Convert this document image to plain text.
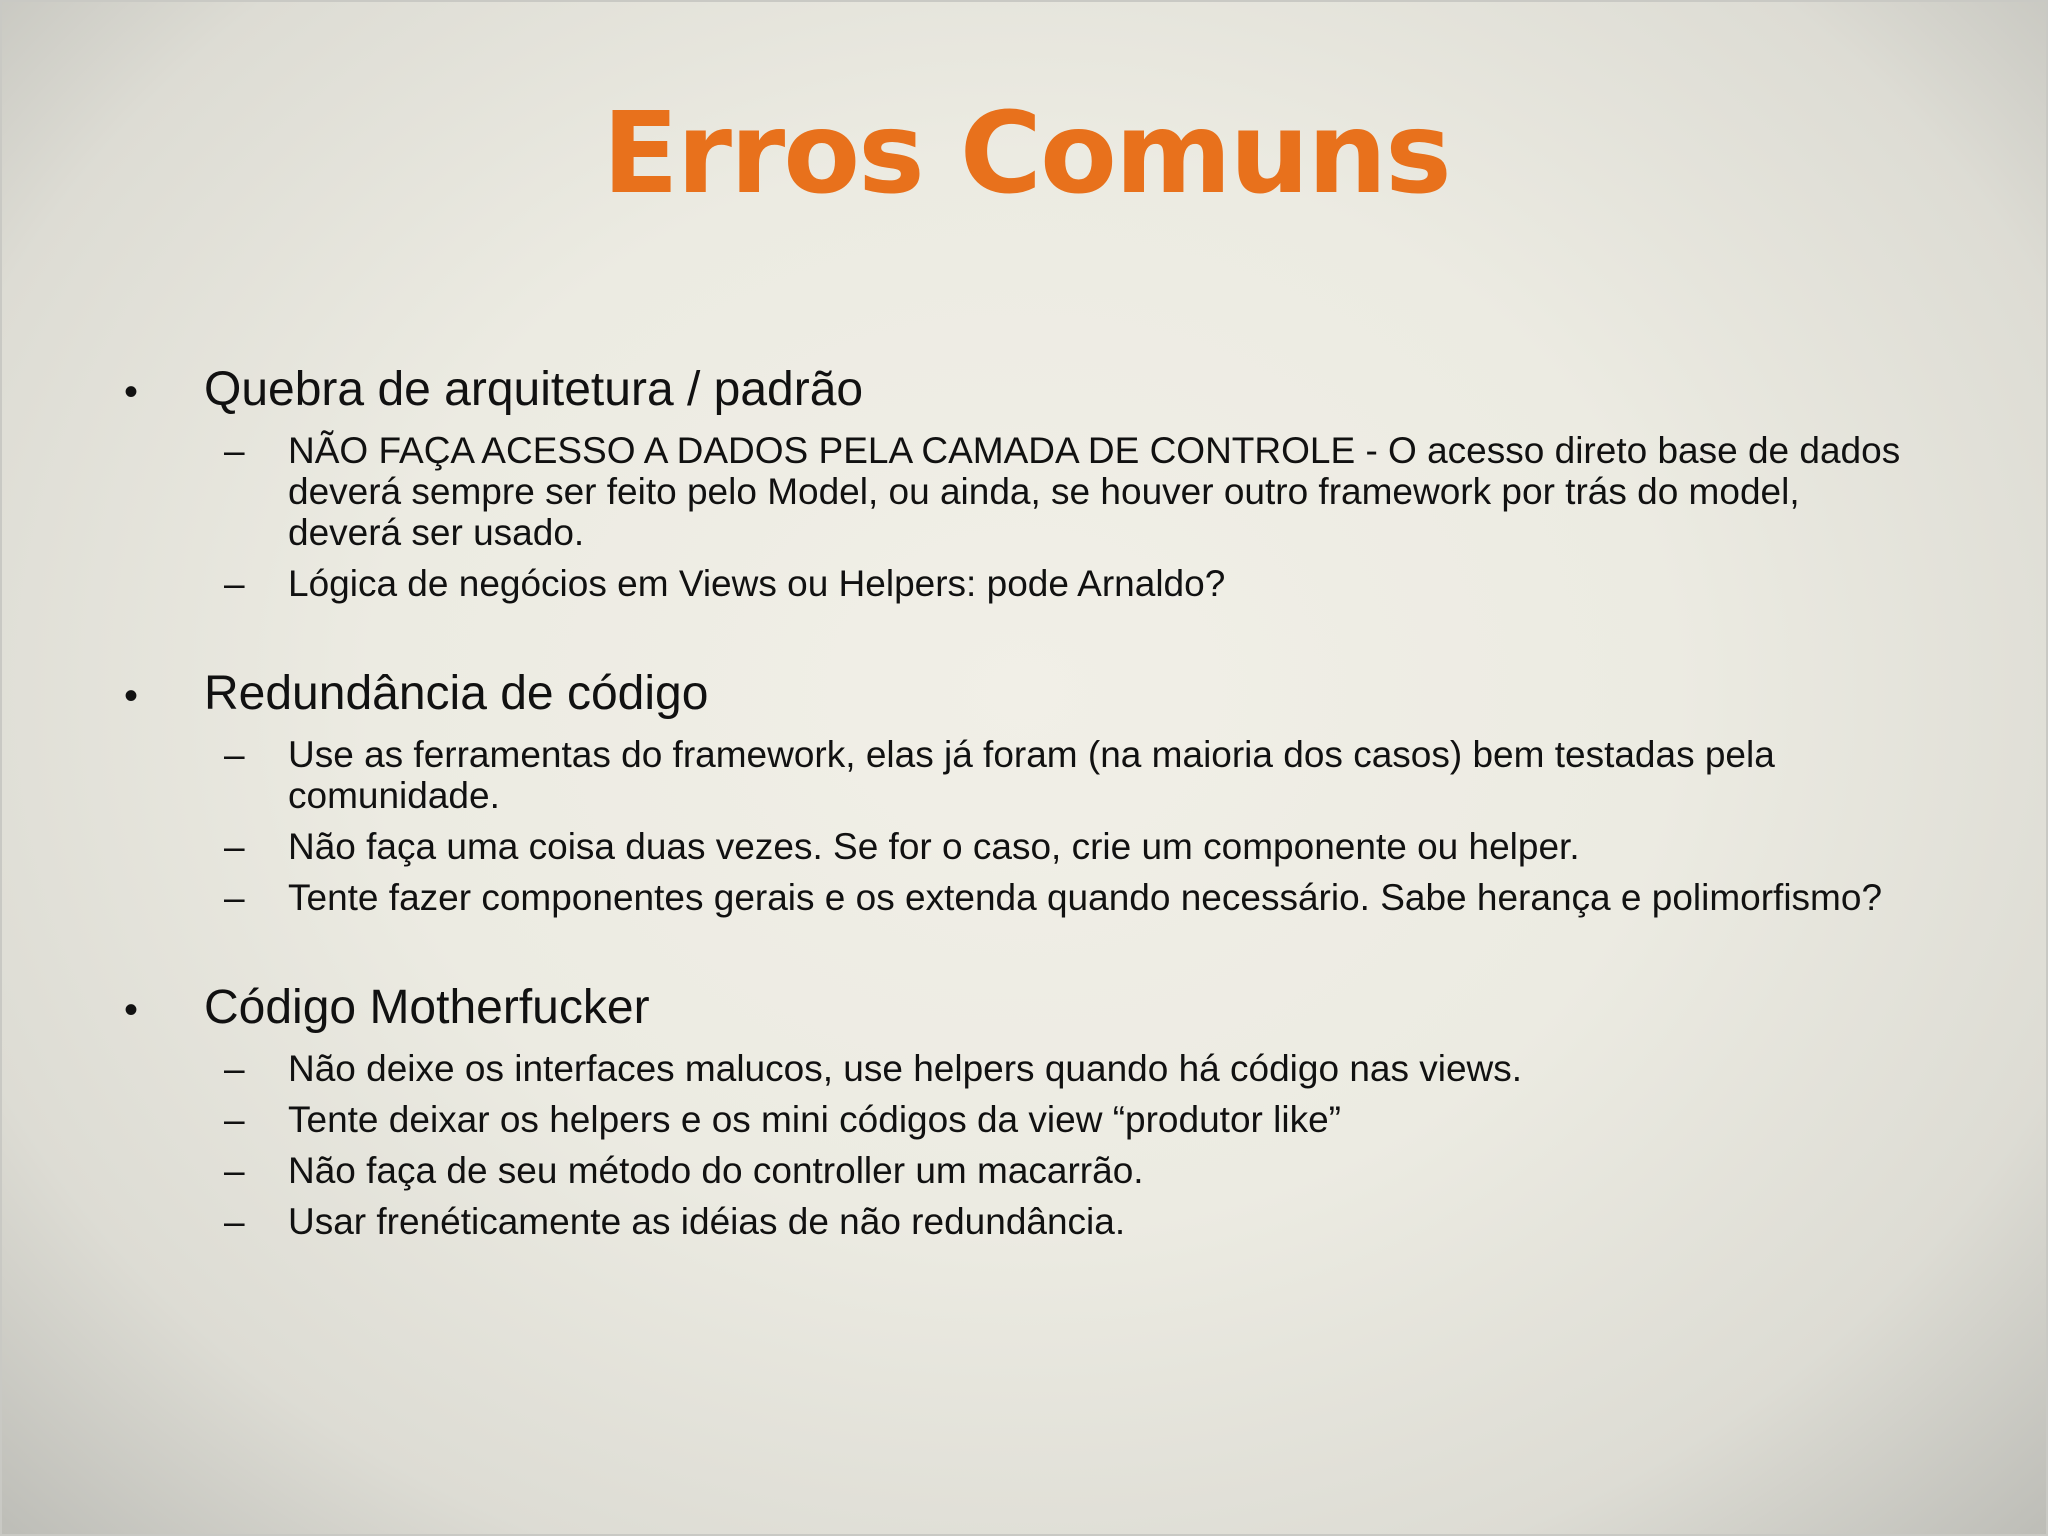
Erros Comuns
•	Quebra de arquitetura / padrão
–	NÃO FAÇA ACESSO A DADOS PELA CAMADA DE CONTROLE - O acesso direto base de dados deverá sempre ser feito pelo Model, ou ainda, se houver outro framework por trás do model, deverá ser usado.
–	Lógica de negócios em Views ou Helpers: pode Arnaldo?
•	Redundância de código
–	Use as ferramentas do framework, elas já foram (na maioria dos casos) bem testadas pela comunidade.
–	Não faça uma coisa duas vezes. Se for o caso, crie um componente ou helper.
–	Tente fazer componentes gerais e os extenda quando necessário. Sabe herança e polimorfismo?
•	Código Motherfucker
–	Não deixe os interfaces malucos, use helpers quando há código nas views.
–	Tente deixar os helpers e os mini códigos da view “produtor like”
–	Não faça de seu método do controller um macarrão.
–	Usar frenéticamente as idéias de não redundância.
